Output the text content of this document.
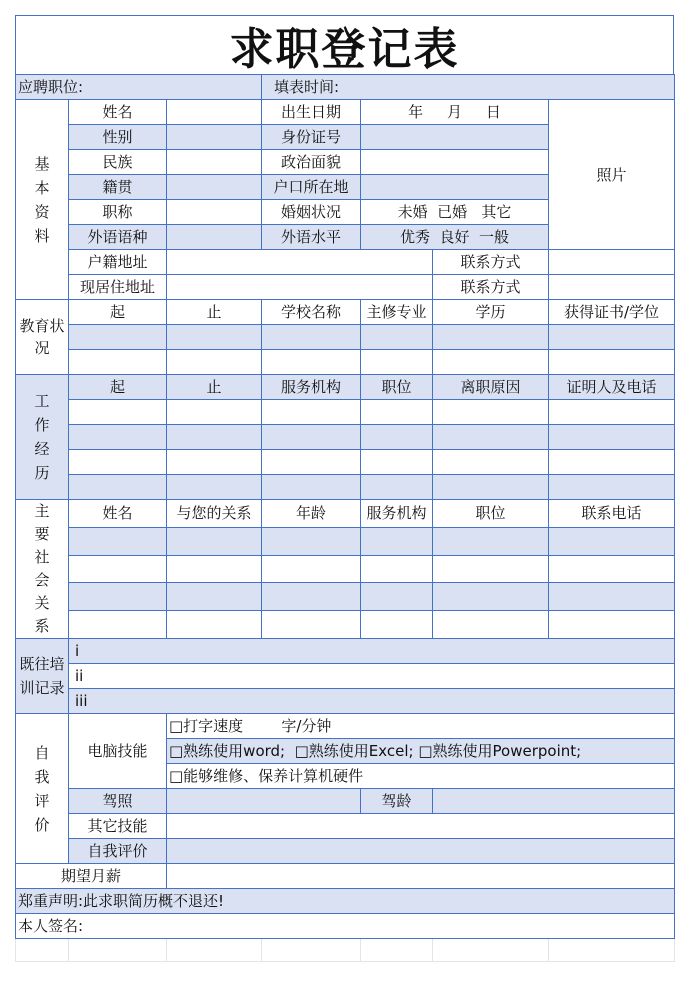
求职登记表
应聘职位:			填表时间:			
基本资料	姓名		出生日期	年     月     日		照片
	性别		身份证号			
	民族		政治面貌			
	籍贯		户口所在地			
	职称		婚姻状况	未婚  已婚   其它		
	外语语种		外语水平	优秀  良好  一般		
	户籍地址				联系方式	
	现居住地址				联系方式	
教育状况	起	止	学校名称	主修专业	学历	获得证书/学位

工作经历	起	止	服务机构	职位	离职原因	证明人及电话

主要社会关系	姓名	与您的关系	年龄	服务机构	职位	联系电话

既往培训记录	i					
	ii					
	iii					
自我评价	电脑技能	□打字速度        字/分钟				
		□熟练使用word;  □熟练使用Excel; □熟练使用Powerpoint;				
		□能够维修、保养计算机硬件				
	驾照			驾龄		
	其它技能					
	自我评价					
期望月薪						
郑重声明:此求职简历概不退还!						
本人签名:						
